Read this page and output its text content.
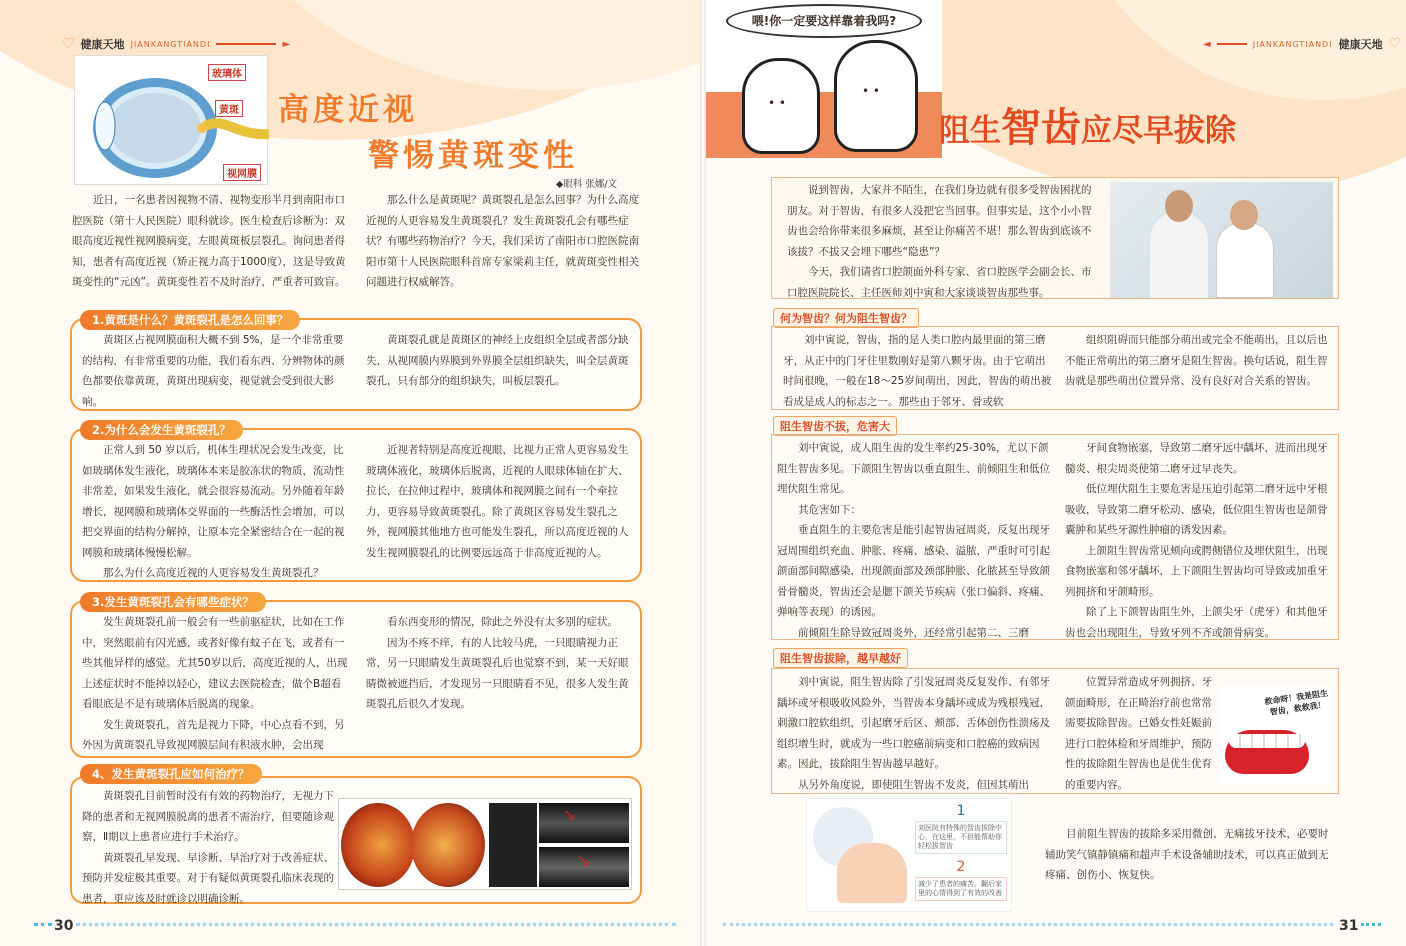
♡ 健康天地 JIANKANGTIANDI	►
玻璃体
黄斑
视网膜
高度近视
警惕黄斑变性
◆眼科 张娜/文

近日，一名患者因视物不清、视物变形半月到南阳市口腔医院（第十人民医院）眼科就诊。医生检查后诊断为：双眼高度近视性视网膜病变，左眼黄斑板层裂孔。询问患者得知，患者有高度近视（矫正视力高于1000度），这是导致黄斑变性的“元凶”。黄斑变性若不及时治疗，严重者可致盲。

那么什么是黄斑呢？黄斑裂孔是怎么回事？为什么高度近视的人更容易发生黄斑裂孔？发生黄斑裂孔会有哪些症状？有哪些药物治疗？今天，我们采访了南阳市口腔医院南阳市第十人民医院眼科首席专家梁莉主任，就黄斑变性相关问题进行权威解答。

1.黄斑是什么？黄斑裂孔是怎么回事？

黄斑区占视网膜面积大概不到 5%，是一个非常重要的结构，有非常重要的功能，我们看东西、分辨物体的颜色都要依靠黄斑，黄斑出现病变，视觉就会受到很大影响。

黄斑裂孔就是黄斑区的神经上皮组织全层或者部分缺失，从视网膜内界膜到外界膜全层组织缺失，叫全层黄斑裂孔，只有部分的组织缺失，叫板层裂孔。

2.为什么会发生黄斑裂孔？

正常人到 50 岁以后，机体生理状况会发生改变，比如玻璃体发生液化，玻璃体本来是胶冻状的物质，流动性非常差，如果发生液化，就会很容易流动。另外随着年龄增长，视网膜和玻璃体交界面的一些酶活性会增加，可以把交界面的结构分解掉，让原本完全紧密结合在一起的视网膜和玻璃体慢慢松解。

那么为什么高度近视的人更容易发生黄斑裂孔？

近视者特别是高度近视眼，比视力正常人更容易发生玻璃体液化，玻璃体后脱离，近视的人眼球体轴在扩大、拉长，在拉伸过程中，玻璃体和视网膜之间有一个牵拉力，更容易导致黄斑裂孔。除了黄斑区容易发生裂孔之外，视网膜其他地方也可能发生裂孔，所以高度近视的人发生视网膜裂孔的比例要远远高于非高度近视的人。

3.发生黄斑裂孔会有哪些症状？

发生黄斑裂孔前一般会有一些前驱症状，比如在工作中，突然眼前有闪光感，或者好像有蚊子在飞，或者有一些其他异样的感觉。尤其50岁以后，高度近视的人，出现上述症状时不能掉以轻心，建议去医院检查，做个B超看看眼底是不是有玻璃体后脱离的现象。

发生黄斑裂孔，首先是视力下降，中心点看不到，另外因为黄斑裂孔导致视网膜层间有积液水肿，会出现

看东西变形的情况，除此之外没有太多别的症状。

因为不疼不痒，有的人比较马虎，一只眼睛视力正常，另一只眼睛发生黄斑裂孔后也觉察不到，某一天好眼睛微被遮挡后，才发现另一只眼睛看不见，很多人发生黄斑裂孔后很久才发现。

4、发生黄斑裂孔应如何治疗？

黄斑裂孔目前暂时没有有效的药物治疗，无视力下降的患者和无视网膜脱离的患者不需治疗，但要随诊观察，Ⅱ期以上患者应进行手术治疗。

黄斑裂孔早发现、早诊断、早治疗对于改善症状、预防并发症极其重要。对于有疑似黄斑裂孔临床表现的患者，更应该及时就诊以明确诊断。

↘
↘
30
喂!你一定要这样靠着我吗?
• •
• •
◄	JIANKANGTIANDI 健康天地 ♡
阻生智齿应尽早拔除

说到智齿，大家并不陌生，在我们身边就有很多受智齿困扰的朋友。对于智齿，有很多人没把它当回事。但事实是，这个小小智齿也会给你带来很多麻烦，甚至让你痛苦不堪！那么智齿到底该不该拔？不拔又会埋下哪些“隐患”？

今天，我们请省口腔颌面外科专家、省口腔医学会副会长、市口腔医院院长、主任医师刘中寅和大家谈谈智齿那些事。

何为智齿？何为阻生智齿？

刘中寅说，智齿，指的是人类口腔内最里面的第三磨牙，从正中的门牙往里数刚好是第八颗牙齿。由于它萌出时间很晚，一般在18～25岁间萌出，因此，智齿的萌出被看成是成人的标志之一。那些由于邻牙、骨或软

组织阻碍而只能部分萌出或完全不能萌出，且以后也不能正常萌出的第三磨牙是阻生智齿。换句话说，阻生智齿就是那些萌出位置异常、没有良好对合关系的智齿。

阻生智齿不拔，危害大

刘中寅说，成人阻生齿的发生率约25-30%，尤以下颌阻生智齿多见。下颌阻生智齿以垂直阻生、前倾阻生和低位埋伏阻生常见。

其危害如下：

垂直阻生的主要危害是能引起智齿冠周炎，反复出现牙冠周围组织充血、肿胀、疼痛、感染、溢脓，严重时可引起颌面部间隙感染，出现颌面部及颈部肿胀、化脓甚至导致颌骨骨髓炎，智齿还会是腮下颌关节疾病（张口偏斜、疼痛、弹响等表现）的诱因。

前倾阻生除导致冠周炎外，还经常引起第二、三磨

牙间食物嵌塞，导致第二磨牙远中龋坏，进而出现牙髓炎、根尖周炎使第二磨牙过早丧失。

低位埋伏阻生主要危害是压迫引起第二磨牙远中牙根吸收，导致第二磨牙松动、感染，低位阻生智齿也是颌骨囊肿和某些牙源性肿瘤的诱发因素。

上颌阻生智齿常见颊向或腭侧错位及埋伏阻生，出现食物嵌塞和邻牙龋坏，上下颌阻生智齿均可导致或加重牙列拥挤和牙颌畸形。

除了上下颌智齿阻生外，上颌尖牙（虎牙）和其他牙齿也会出现阻生，导致牙列不齐或颌骨病变。

阻生智齿拔除，越早越好

刘中寅说，阻生智齿除了引发冠周炎反复发作、有邻牙龋坏或牙根吸收风险外，当智齿本身龋坏或成为残根残冠，刺激口腔软组织，引起磨牙后区、颊部、舌体创伤性溃疡及组织增生时，就成为一些口腔癌前病变和口腔癌的致病因素。因此，拔除阻生智齿越早越好。

从另外角度说，即使阻生智齿不发炎，但因其萌出

位置异常造成牙列拥挤、牙颌面畸形，在正畸治疗前也常常需要拔除智齿。已婚女性妊娠前进行口腔体检和牙周维护，预防性的拔除阻生智齿也是优生优育的重要内容。

救命呀！我是阻生智齿，救救我！
1
刘医院有特殊的智齿拔除中心，在这里，不但能帮助你轻松拔智齿
2
减少了患者的痛苦，翻后家里的心情得到了有效的改善

目前阻生智齿的拔除多采用微创、无痛拔牙技术，必要时辅助笑气镇静镇痛和超声手术设备辅助技术，可以真正做到无疼痛、创伤小、恢复快。

31
